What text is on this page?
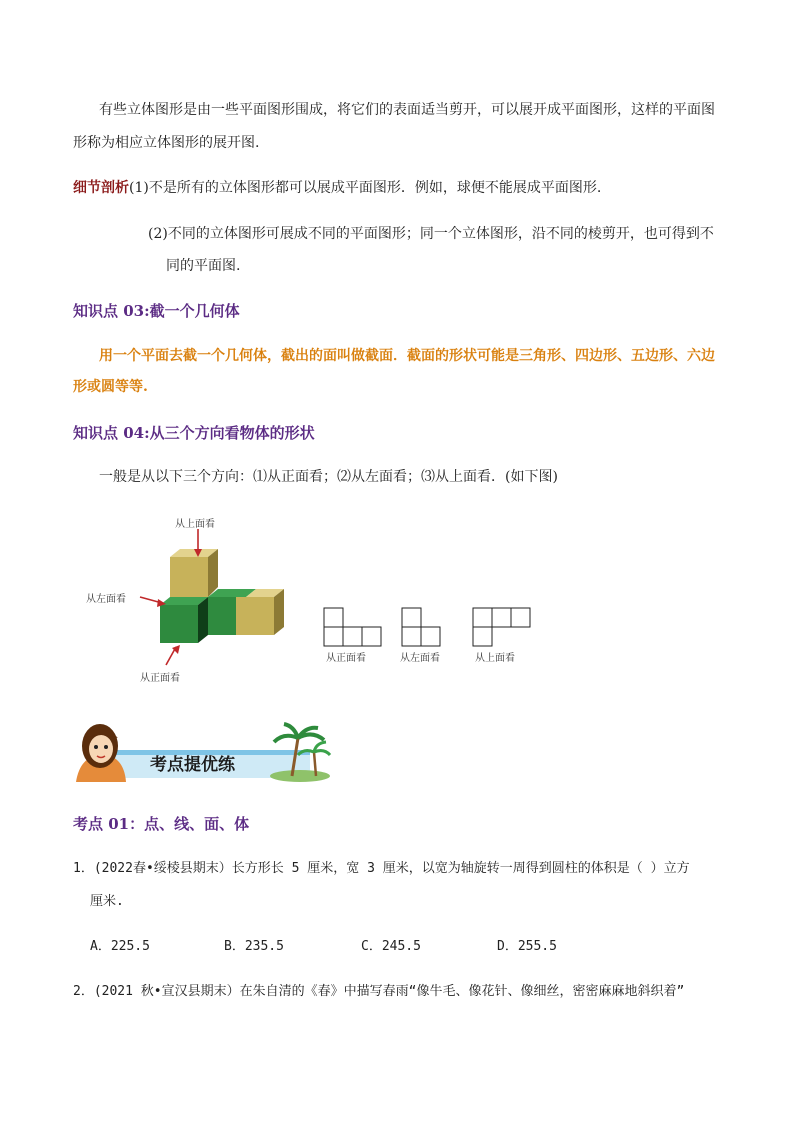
有些立体图形是由一些平面图形围成，将它们的表面适当剪开，可以展开成平面图形，这样的平面图
形称为相应立体图形的展开图.
细节剖析(1)不是所有的立体图形都可以展成平面图形．例如，球便不能展成平面图形.
(2)不同的立体图形可展成不同的平面图形；同一个立体图形，沿不同的棱剪开，也可得到不
同的平面图.
知识点 03:截一个几何体
用一个平面去截一个几何体，截出的面叫做截面．截面的形状可能是三角形、四边形、五边形、六边
形或圆等等.
知识点 04:从三个方向看物体的形状
一般是从以下三个方向：⑴从正面看；⑵从左面看；⑶从上面看．(如下图)
从上面看
从左面看
从正面看
从正面看	从左面看	从上面看
考点提优练
考点 01：点、线、面、体
1．(2022春•绥棱县期末）长方形长 5 厘米，宽 3 厘米，以宽为轴旋转一周得到圆柱的体积是（ ）立方
厘米.
A．225.5	B．235.5	C．245.5	D．255.5
2．(2021 秋•宣汉县期末）在朱自清的《春》中描写春雨“像牛毛、像花针、像细丝，密密麻麻地斜织着”
